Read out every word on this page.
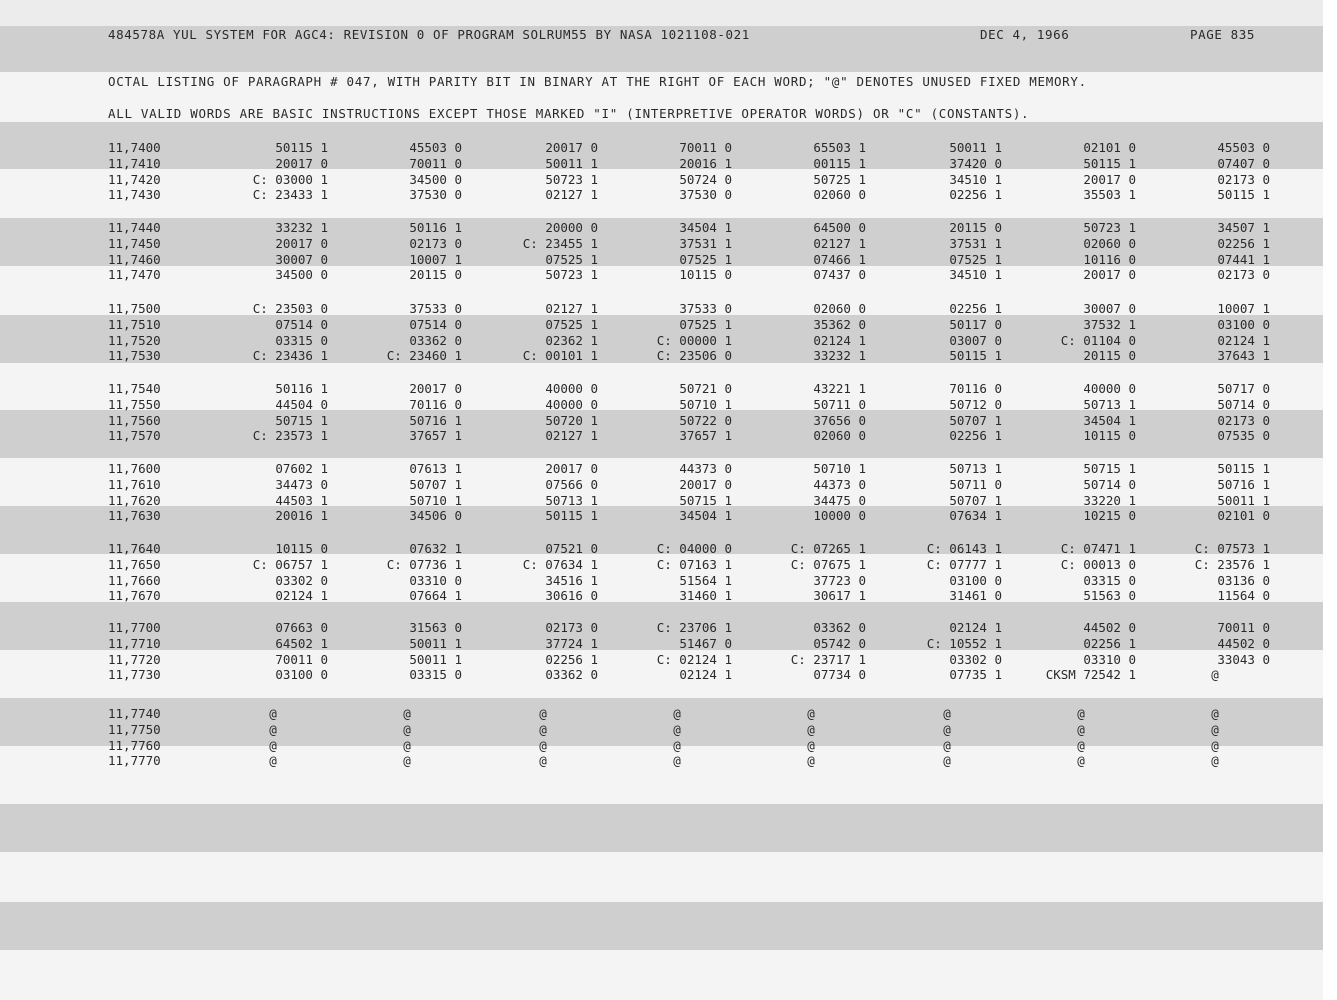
484578A YUL SYSTEM FOR AGC4: REVISION 0 OF PROGRAM SOLRUM55 BY NASA 1021108-021	DEC 4, 1966	PAGE 835
OCTAL LISTING OF PARAGRAPH # 047, WITH PARITY BIT IN BINARY AT THE RIGHT OF EACH WORD; "@" DENOTES UNUSED FIXED MEMORY.
ALL VALID WORDS ARE BASIC INSTRUCTIONS EXCEPT THOSE MARKED "I" (INTERPRETIVE OPERATOR WORDS) OR "C" (CONSTANTS).
11,7400	50115 1	45503 0	20017 0	70011 0	65503 1	50011 1	02101 0	45503 0
11,7410	20017 0	70011 0	50011 1	20016 1	00115 1	37420 0	50115 1	07407 0
11,7420	C: 03000 1	34500 0	50723 1	50724 0	50725 1	34510 1	20017 0	02173 0
11,7430	C: 23433 1	37530 0	02127 1	37530 0	02060 0	02256 1	35503 1	50115 1
11,7440	33232 1	50116 1	20000 0	34504 1	64500 0	20115 0	50723 1	34507 1
11,7450	20017 0	02173 0	C: 23455 1	37531 1	02127 1	37531 1	02060 0	02256 1
11,7460	30007 0	10007 1	07525 1	07525 1	07466 1	07525 1	10116 0	07441 1
11,7470	34500 0	20115 0	50723 1	10115 0	07437 0	34510 1	20017 0	02173 0
11,7500	C: 23503 0	37533 0	02127 1	37533 0	02060 0	02256 1	30007 0	10007 1
11,7510	07514 0	07514 0	07525 1	07525 1	35362 0	50117 0	37532 1	03100 0
11,7520	03315 0	03362 0	02362 1	C: 00000 1	02124 1	03007 0	C: 01104 0	02124 1
11,7530	C: 23436 1	C: 23460 1	C: 00101 1	C: 23506 0	33232 1	50115 1	20115 0	37643 1
11,7540	50116 1	20017 0	40000 0	50721 0	43221 1	70116 0	40000 0	50717 0
11,7550	44504 0	70116 0	40000 0	50710 1	50711 0	50712 0	50713 1	50714 0
11,7560	50715 1	50716 1	50720 1	50722 0	37656 0	50707 1	34504 1	02173 0
11,7570	C: 23573 1	37657 1	02127 1	37657 1	02060 0	02256 1	10115 0	07535 0
11,7600	07602 1	07613 1	20017 0	44373 0	50710 1	50713 1	50715 1	50115 1
11,7610	34473 0	50707 1	07566 0	20017 0	44373 0	50711 0	50714 0	50716 1
11,7620	44503 1	50710 1	50713 1	50715 1	34475 0	50707 1	33220 1	50011 1
11,7630	20016 1	34506 0	50115 1	34504 1	10000 0	07634 1	10215 0	02101 0
11,7640	10115 0	07632 1	07521 0	C: 04000 0	C: 07265 1	C: 06143 1	C: 07471 1	C: 07573 1
11,7650	C: 06757 1	C: 07736 1	C: 07634 1	C: 07163 1	C: 07675 1	C: 07777 1	C: 00013 0	C: 23576 1
11,7660	03302 0	03310 0	34516 1	51564 1	37723 0	03100 0	03315 0	03136 0
11,7670	02124 1	07664 1	30616 0	31460 1	30617 1	31461 0	51563 0	11564 0
11,7700	07663 0	31563 0	02173 0	C: 23706 1	03362 0	02124 1	44502 0	70011 0
11,7710	64502 1	50011 1	37724 1	51467 0	05742 0	C: 10552 1	02256 1	44502 0
11,7720	70011 0	50011 1	02256 1	C: 02124 1	C: 23717 1	03302 0	03310 0	33043 0
11,7730	03100 0	03315 0	03362 0	02124 1	07734 0	07735 1	CKSM 72542 1	@
11,7740	@	@	@	@	@	@	@	@
11,7750	@	@	@	@	@	@	@	@
11,7760	@	@	@	@	@	@	@	@
11,7770	@	@	@	@	@	@	@	@
